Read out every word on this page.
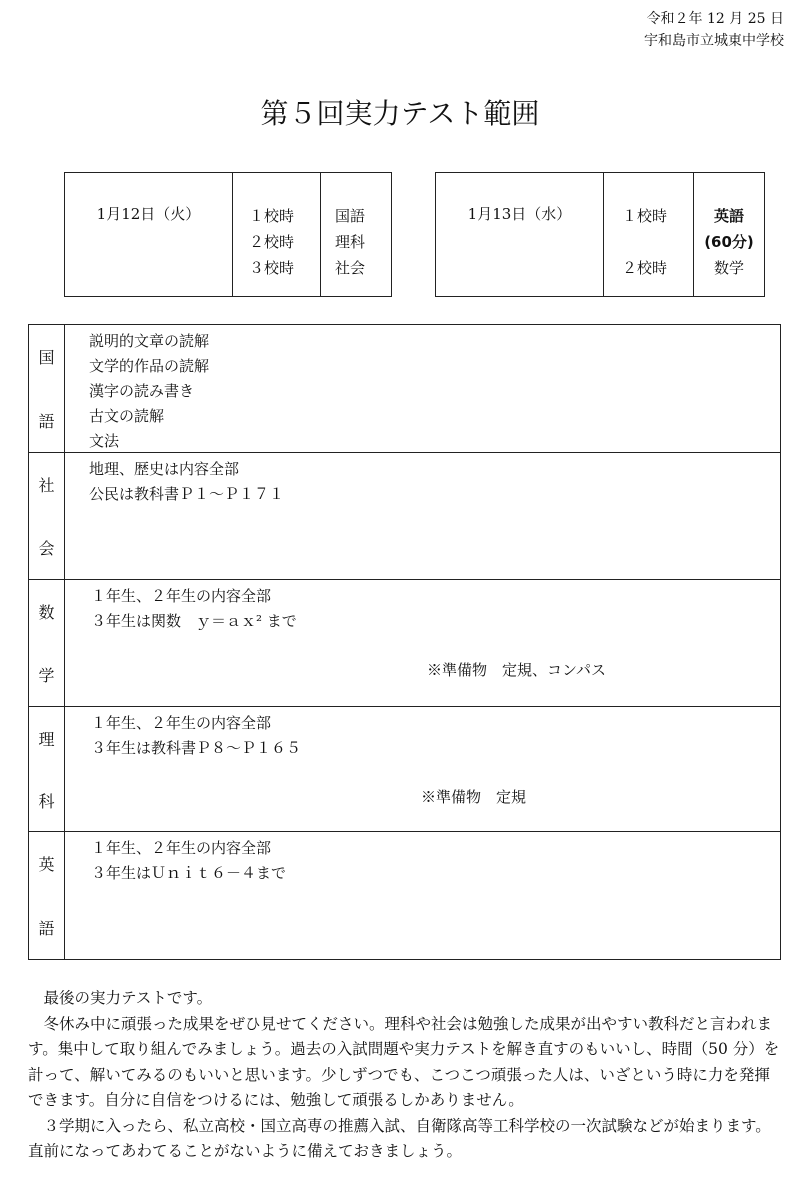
令和２年 12 月 25 日
宇和島市立城東中学校
第５回実力テスト範囲
1月12日（火）	１校時
２校時
３校時
国語
理科
社会
1月13日（水）	１校時
２校時
英語
(60分)
数学
国
語
説明的文章の読解
文学的作品の読解
漢字の読み書き
古文の読解
文法
社
会
地理、歴史は内容全部
公民は教科書Ｐ１～Ｐ１７１
数
学
１年生、２年生の内容全部
３年生は関数　ｙ＝ａｘ² まで
※準備物　定規、コンパス
理
科
１年生、２年生の内容全部
３年生は教科書Ｐ８～Ｐ１６５
※準備物　定規
英
語
１年生、２年生の内容全部
３年生はＵｎｉｔ６－４まで

最後の実力テストです。

冬休み中に頑張った成果をぜひ見せてください。理科や社会は勉強した成果が出やすい教科だと言われます。集中して取り組んでみましょう。過去の入試問題や実力テストを解き直すのもいいし、時間（50 分）を計って、解いてみるのもいいと思います。少しずつでも、こつこつ頑張った人は、いざという時に力を発揮できます。自分に自信をつけるには、勉強して頑張るしかありません。

３学期に入ったら、私立高校・国立高専の推薦入試、自衛隊高等工科学校の一次試験などが始まります。直前になってあわてることがないように備えておきましょう。
